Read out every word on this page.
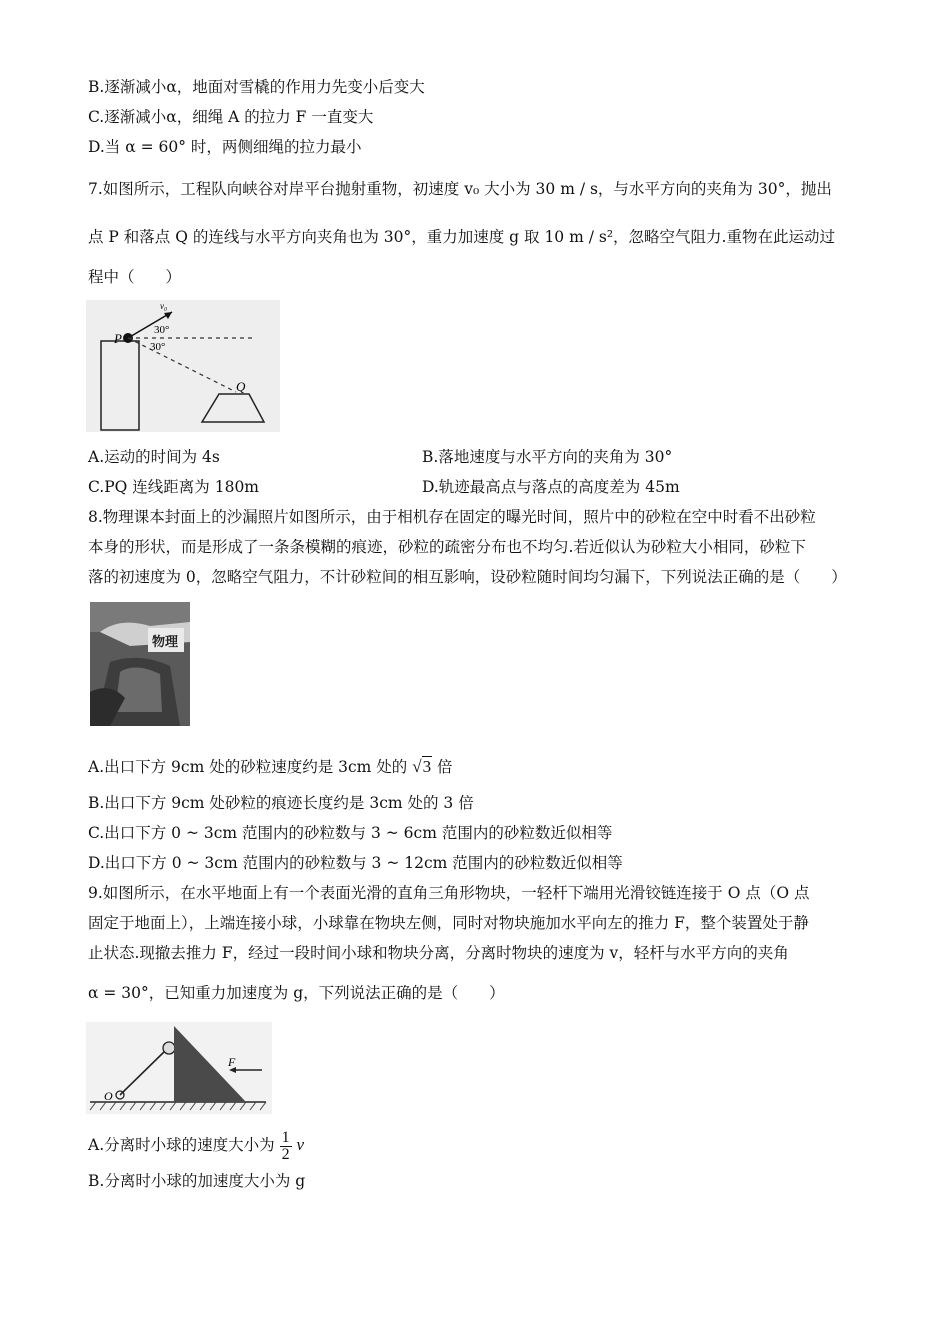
B.逐渐减小α，地面对雪橇的作用力先变小后变大
C.逐渐减小α，细绳 A 的拉力 F 一直变大
D.当 α = 60° 时，两侧细绳的拉力最小
7.如图所示，工程队向峡谷对岸平台抛射重物，初速度 v₀ 大小为 30 m / s，与水平方向的夹角为 30°，抛出
点 P 和落点 Q 的连线与水平方向夹角也为 30°，重力加速度 g 取 10 m / s²，忽略空气阻力.重物在此运动过
程中（　　）
P
Q
v₀
30°
30°
A.运动的时间为 4s	B.落地速度与水平方向的夹角为 30°
C.PQ 连线距离为 180m	D.轨迹最高点与落点的高度差为 45m
8.物理课本封面上的沙漏照片如图所示，由于相机存在固定的曝光时间，照片中的砂粒在空中时看不出砂粒
本身的形状，而是形成了一条条模糊的痕迹，砂粒的疏密分布也不均匀.若近似认为砂粒大小相同，砂粒下
落的初速度为 0，忽略空气阻力，不计砂粒间的相互影响，设砂粒随时间均匀漏下，下列说法正确的是（　　）
物理
A.出口下方 9cm 处的砂粒速度约是 3cm 处的 √3 倍
B.出口下方 9cm 处砂粒的痕迹长度约是 3cm 处的 3 倍
C.出口下方 0 ~ 3cm 范围内的砂粒数与 3 ~ 6cm 范围内的砂粒数近似相等
D.出口下方 0 ~ 3cm 范围内的砂粒数与 3 ~ 12cm 范围内的砂粒数近似相等
9.如图所示，在水平地面上有一个表面光滑的直角三角形物块，一轻杆下端用光滑铰链连接于 O 点（O 点
固定于地面上），上端连接小球，小球靠在物块左侧，同时对物块施加水平向左的推力 F，整个装置处于静
止状态.现撤去推力 F，经过一段时间小球和物块分离，分离时物块的速度为 v，轻杆与水平方向的夹角
α = 30°，已知重力加速度为 g，下列说法正确的是（　　）
F
O
A.分离时小球的速度大小为 $\frac{1}{2}$ v
B.分离时小球的加速度大小为 g
